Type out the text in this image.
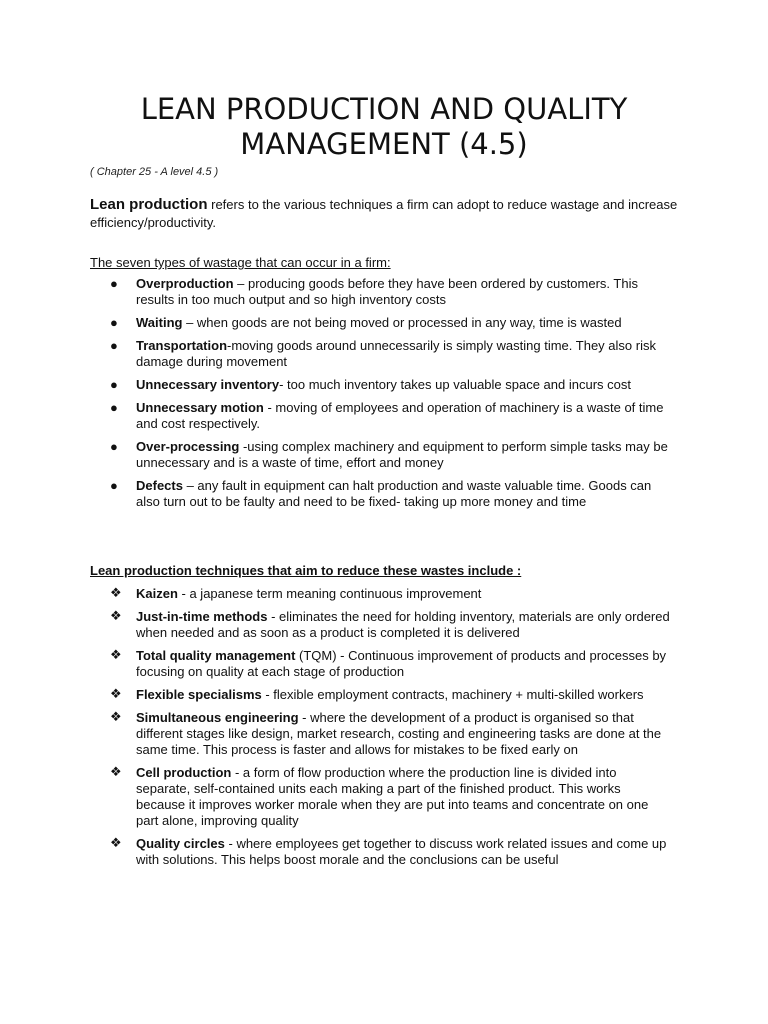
LEAN PRODUCTION AND QUALITY
MANAGEMENT (4.5)
( Chapter 25 - A level 4.5 )
Lean production refers to the various techniques a firm can adopt to reduce wastage and increase efficiency/productivity.
The seven types of wastage that can occur in a firm:
● Overproduction – producing goods before they have been ordered by customers. This results in too much output and so high inventory costs
● Waiting – when goods are not being moved or processed in any way, time is wasted
● Transportation-moving goods around unnecessarily is simply wasting time. They also risk damage during movement
● Unnecessary inventory- too much inventory takes up valuable space and incurs cost
● Unnecessary motion - moving of employees and operation of machinery is a waste of time and cost respectively.
● Over-processing -using complex machinery and equipment to perform simple tasks may be unnecessary and is a waste of time, effort and money
● Defects – any fault in equipment can halt production and waste valuable time. Goods can also turn out to be faulty and need to be fixed- taking up more money and time
Lean production techniques that aim to reduce these wastes include :
❖ Kaizen - a japanese term meaning continuous improvement
❖ Just-in-time methods - eliminates the need for holding inventory, materials are only ordered when needed and as soon as a product is completed it is delivered
❖ Total quality management (TQM) - Continuous improvement of products and processes by focusing on quality at each stage of production
❖ Flexible specialisms - flexible employment contracts, machinery + multi-skilled workers
❖ Simultaneous engineering - where the development of a product is organised so that different stages like design, market research, costing and engineering tasks are done at the same time. This process is faster and allows for mistakes to be fixed early on
❖ Cell production - a form of flow production where the production line is divided into separate, self-contained units each making a part of the finished product. This works because it improves worker morale when they are put into teams and concentrate on one part alone, improving quality
❖ Quality circles - where employees get together to discuss work related issues and come up with solutions. This helps boost morale and the conclusions can be useful
